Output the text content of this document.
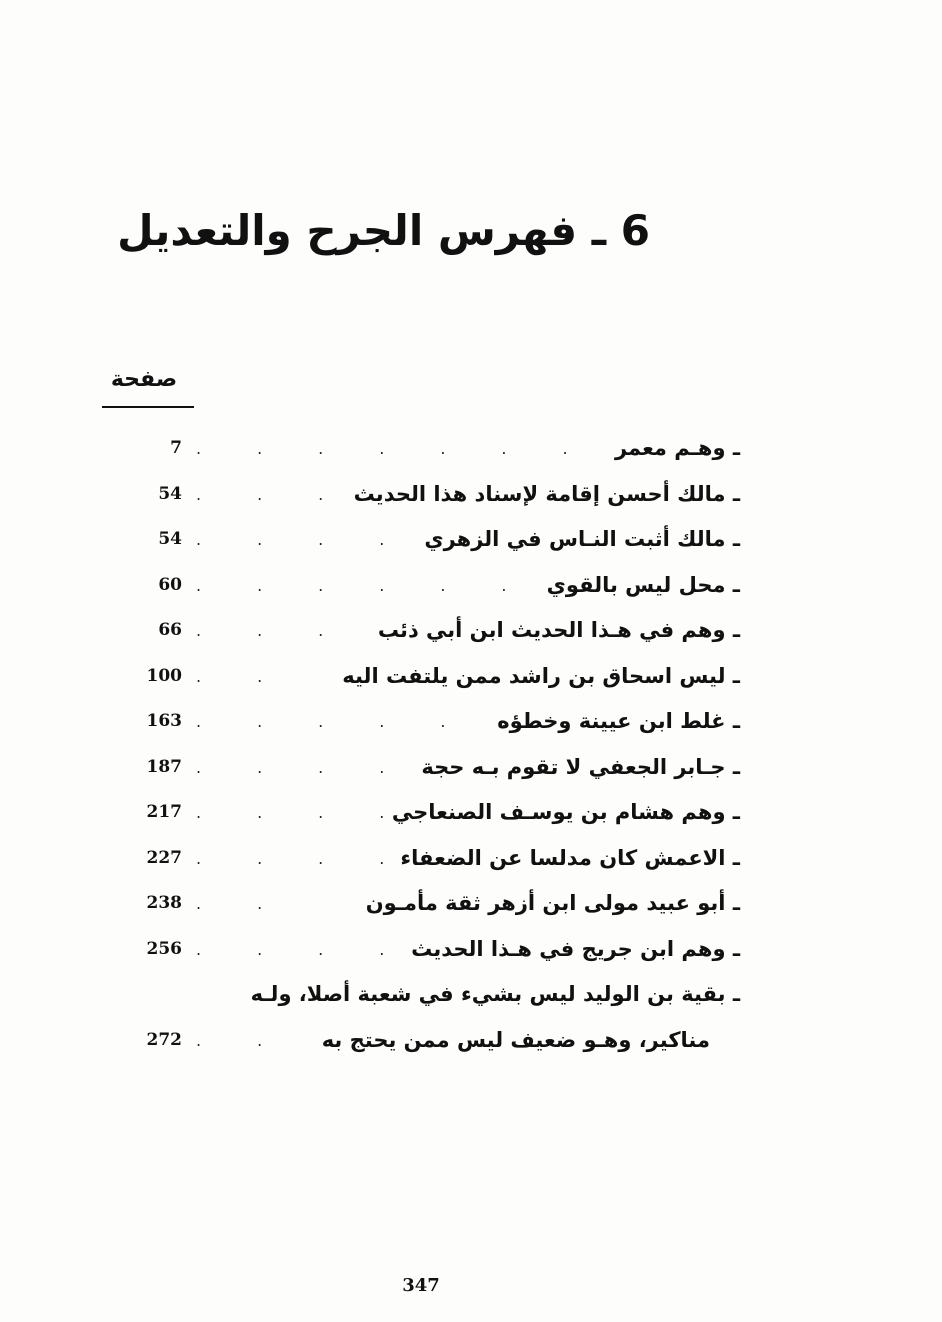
6 ـ فهرس الجرح والتعديل
صفحة
ـ وهـم معمر
.......
7
ـ مالك أحسن إقامة لإسناد هذا الحديث
...
54
ـ مالك أثبت النـاس في الزهري
....
54
ـ محل ليس بالقوي
......
60
ـ وهم في هـذا الحديث ابن أبي ذئب
...
66
ـ ليس اسحاق بن راشد ممن يلتفت اليه
..
100
ـ غلط ابن عيينة وخطؤه
......
163
ـ جـابر الجعفي لا تقوم بـه حجة
....
187
ـ وهم هشام بن يوسـف الصنعاجي
....
217
ـ الاعمش كان مدلسا عن الضعفاء
....
227
ـ أبو عبيد مولى ابن أزهر ثقة مأمـون
..
238
ـ وهم ابن جريج في هـذا الحديث
....
256
ـ بقية بن الوليد ليس بشيء في شعبة أصلا، ولـه
مناكير، وهـو ضعيف ليس ممن يحتج به
..
272
347
